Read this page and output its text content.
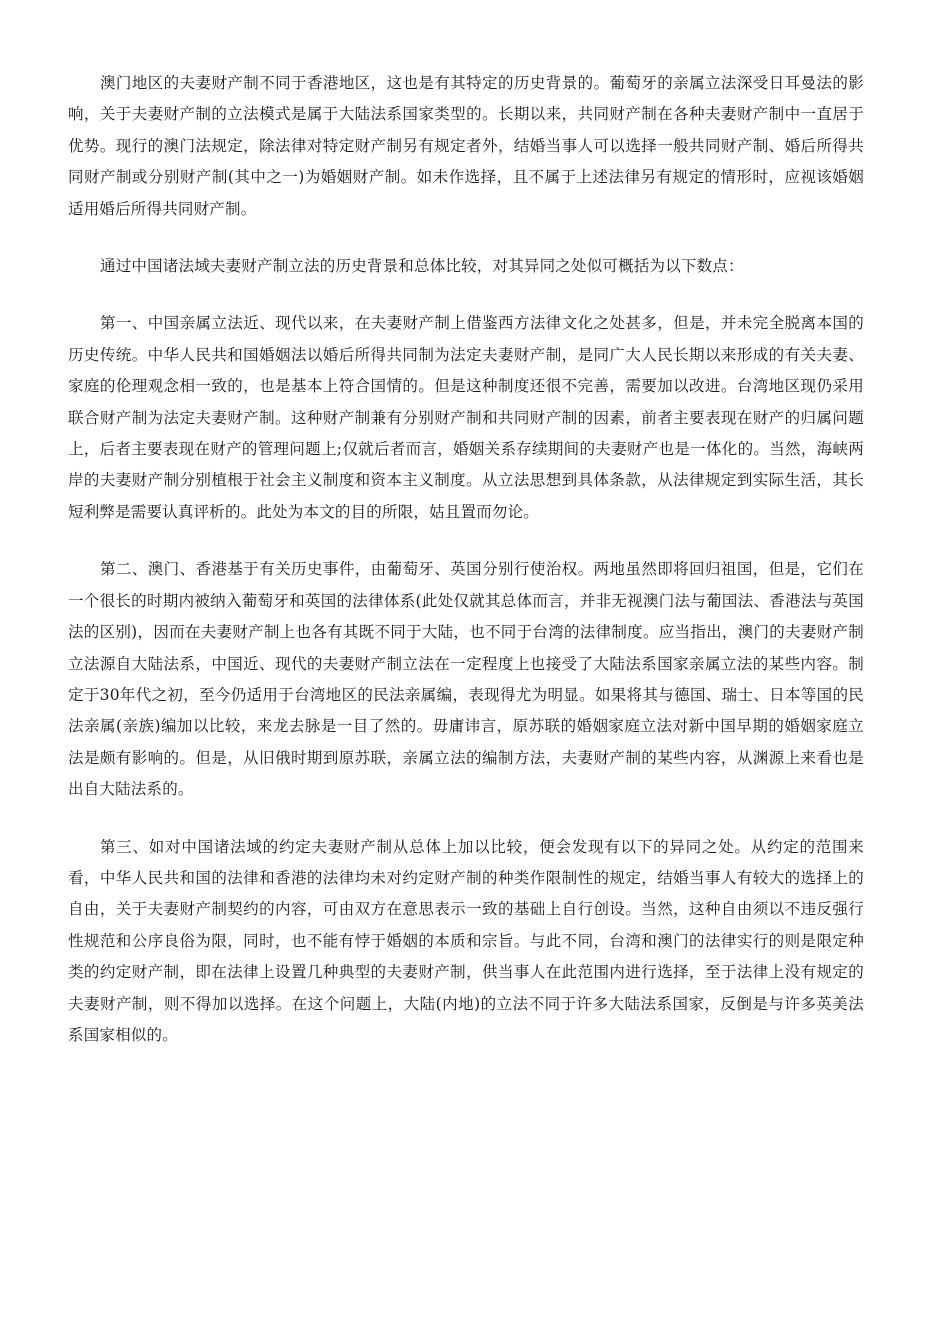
澳门地区的夫妻财产制不同于香港地区，这也是有其特定的历史背景的。葡萄牙的亲属立法深受日耳曼法的影响，关于夫妻财产制的立法模式是属于大陆法系国家类型的。长期以来，共同财产制在各种夫妻财产制中一直居于优势。现行的澳门法规定，除法律对特定财产制另有规定者外，结婚当事人可以选择一般共同财产制、婚后所得共同财产制或分别财产制(其中之一)为婚姻财产制。如未作选择，且不属于上述法律另有规定的情形时，应视该婚姻适用婚后所得共同财产制。

通过中国诸法域夫妻财产制立法的历史背景和总体比较，对其异同之处似可概括为以下数点：

第一、中国亲属立法近、现代以来，在夫妻财产制上借鉴西方法律文化之处甚多，但是，并未完全脱离本国的历史传统。中华人民共和国婚姻法以婚后所得共同制为法定夫妻财产制，是同广大人民长期以来形成的有关夫妻、家庭的伦理观念相一致的，也是基本上符合国情的。但是这种制度还很不完善，需要加以改进。台湾地区现仍采用联合财产制为法定夫妻财产制。这种财产制兼有分别财产制和共同财产制的因素，前者主要表现在财产的归属问题上，后者主要表现在财产的管理问题上;仅就后者而言，婚姻关系存续期间的夫妻财产也是一体化的。当然，海峡两岸的夫妻财产制分别植根于社会主义制度和资本主义制度。从立法思想到具体条款，从法律规定到实际生活，其长短利弊是需要认真评析的。此处为本文的目的所限，姑且置而勿论。

第二、澳门、香港基于有关历史事件，由葡萄牙、英国分别行使治权。两地虽然即将回归祖国，但是，它们在一个很长的时期内被纳入葡萄牙和英国的法律体系(此处仅就其总体而言，并非无视澳门法与葡国法、香港法与英国法的区别)，因而在夫妻财产制上也各有其既不同于大陆，也不同于台湾的法律制度。应当指出，澳门的夫妻财产制立法源自大陆法系，中国近、现代的夫妻财产制立法在一定程度上也接受了大陆法系国家亲属立法的某些内容。制定于30年代之初，至今仍适用于台湾地区的民法亲属编，表现得尤为明显。如果将其与德国、瑞士、日本等国的民法亲属(亲族)编加以比较，来龙去脉是一目了然的。毋庸讳言，原苏联的婚姻家庭立法对新中国早期的婚姻家庭立法是颇有影响的。但是，从旧俄时期到原苏联，亲属立法的编制方法，夫妻财产制的某些内容，从渊源上来看也是出自大陆法系的。

第三、如对中国诸法域的约定夫妻财产制从总体上加以比较，便会发现有以下的异同之处。从约定的范围来看，中华人民共和国的法律和香港的法律均未对约定财产制的种类作限制性的规定，结婚当事人有较大的选择上的自由，关于夫妻财产制契约的内容，可由双方在意思表示一致的基础上自行创设。当然，这种自由须以不违反强行性规范和公序良俗为限，同时，也不能有悖于婚姻的本质和宗旨。与此不同，台湾和澳门的法律实行的则是限定种类的约定财产制，即在法律上设置几种典型的夫妻财产制，供当事人在此范围内进行选择，至于法律上没有规定的夫妻财产制，则不得加以选择。在这个问题上，大陆(内地)的立法不同于许多大陆法系国家，反倒是与许多英美法系国家相似的。
